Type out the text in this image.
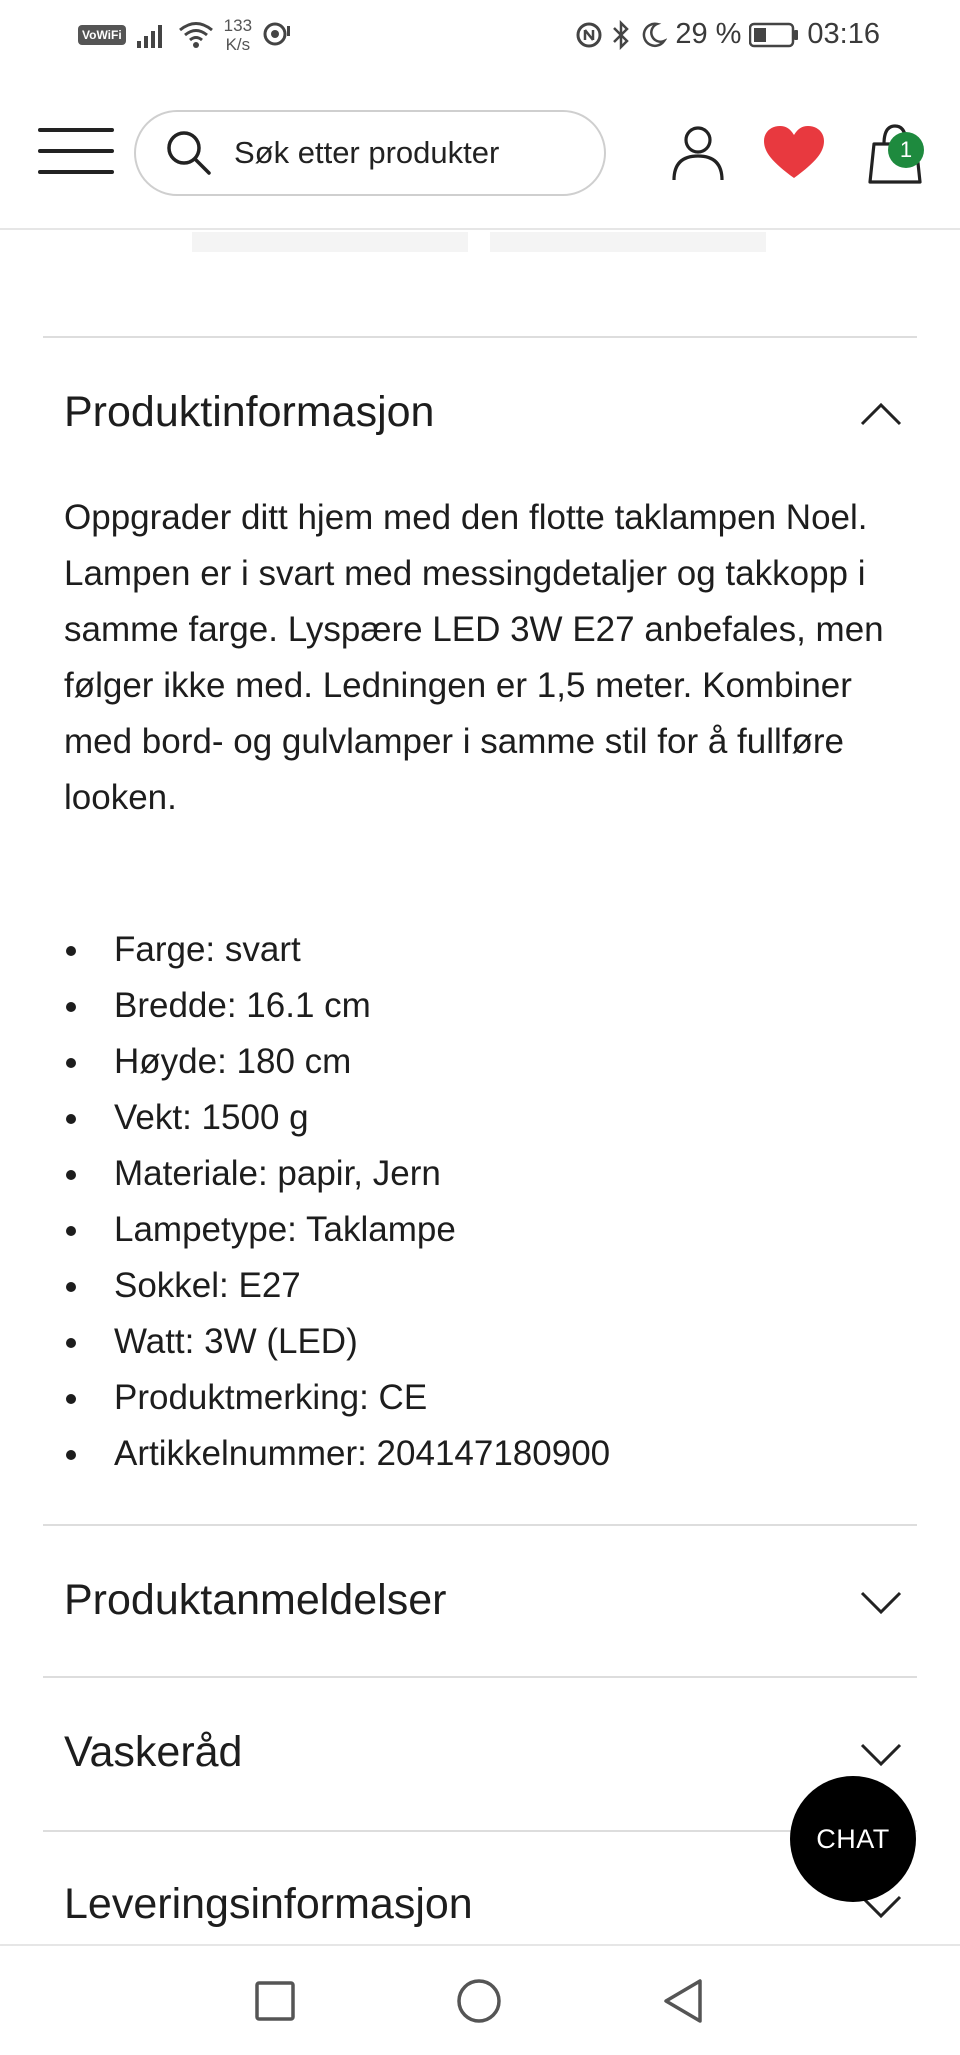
VoWiFi	133
K/s	29 % 03:16
Søk etter produkter	1
Produktinformasjon
Oppgrader ditt hjem med den flotte taklampen Noel. Lampen er i svart med messingdetaljer og takkopp i samme farge. Lyspære LED 3W E27 anbefales, men følger ikke med. Ledningen er 1,5 meter. Kombiner med bord- og gulvlamper i samme stil for å fullføre looken.
Farge: svart
Bredde: 16.1 cm
Høyde: 180 cm
Vekt: 1500 g
Materiale: papir, Jern
Lampetype: Taklampe
Sokkel: E27
Watt: 3W (LED)
Produktmerking: CE
Artikkelnummer: 204147180900
Produktanmeldelser
Vaskeråd
Leveringsinformasjon
CHAT
